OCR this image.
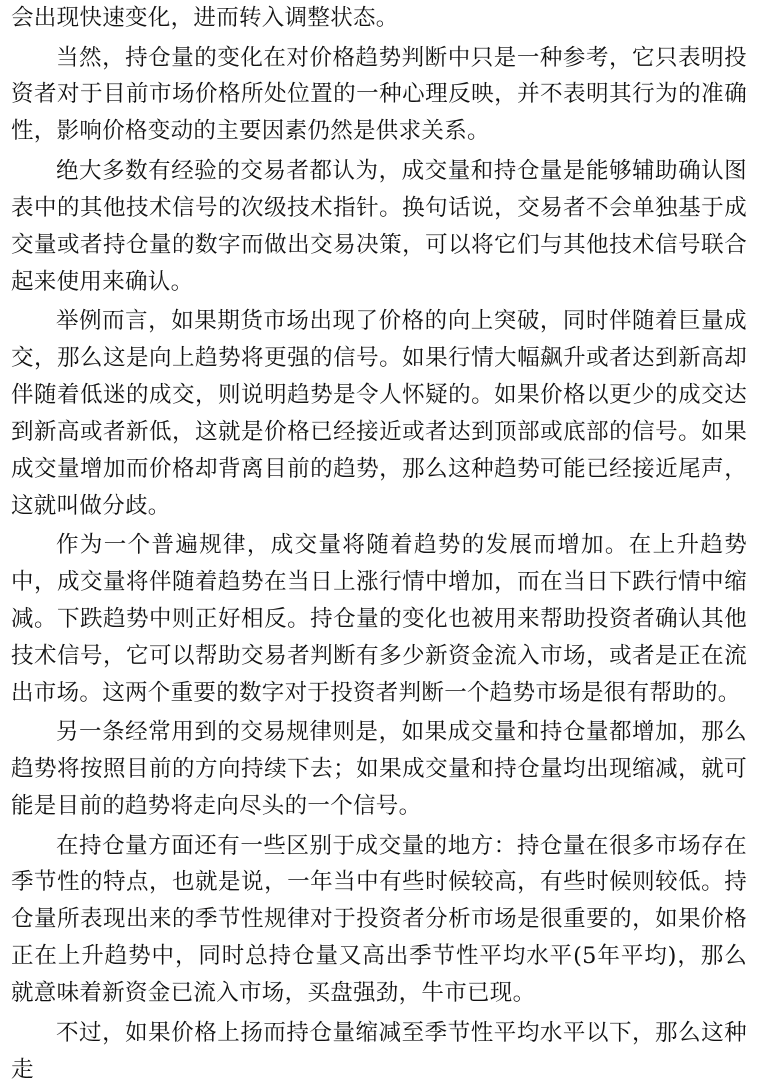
会出现快速变化，进而转入调整状态。

当然，持仓量的变化在对价格趋势判断中只是一种参考，它只表明投资者对于目前市场价格所处位置的一种心理反映，并不表明其行为的准确性，影响价格变动的主要因素仍然是供求关系。

绝大多数有经验的交易者都认为，成交量和持仓量是能够辅助确认图表中的其他技术信号的次级技术指针。换句话说，交易者不会单独基于成交量或者持仓量的数字而做出交易决策，可以将它们与其他技术信号联合起来使用来确认。

举例而言，如果期货市场出现了价格的向上突破，同时伴随着巨量成交，那么这是向上趋势将更强的信号。如果行情大幅飙升或者达到新高却伴随着低迷的成交，则说明趋势是令人怀疑的。如果价格以更少的成交达到新高或者新低，这就是价格已经接近或者达到顶部或底部的信号。如果成交量增加而价格却背离目前的趋势，那么这种趋势可能已经接近尾声，这就叫做分歧。

作为一个普遍规律，成交量将随着趋势的发展而增加。在上升趋势中，成交量将伴随着趋势在当日上涨行情中增加，而在当日下跌行情中缩减。下跌趋势中则正好相反。持仓量的变化也被用来帮助投资者确认其他技术信号，它可以帮助交易者判断有多少新资金流入市场，或者是正在流出市场。这两个重要的数字对于投资者判断一个趋势市场是很有帮助的。

另一条经常用到的交易规律则是，如果成交量和持仓量都增加，那么趋势将按照目前的方向持续下去；如果成交量和持仓量均出现缩减，就可能是目前的趋势将走向尽头的一个信号。

在持仓量方面还有一些区别于成交量的地方：持仓量在很多市场存在季节性的特点，也就是说，一年当中有些时候较高，有些时候则较低。持仓量所表现出来的季节性规律对于投资者分析市场是很重要的，如果价格正在上升趋势中，同时总持仓量又高出季节性平均水平(5年平均)，那么就意味着新资金已流入市场，买盘强劲，牛市已现。

不过，如果价格上扬而持仓量缩减至季节性平均水平以下，那么这种走
